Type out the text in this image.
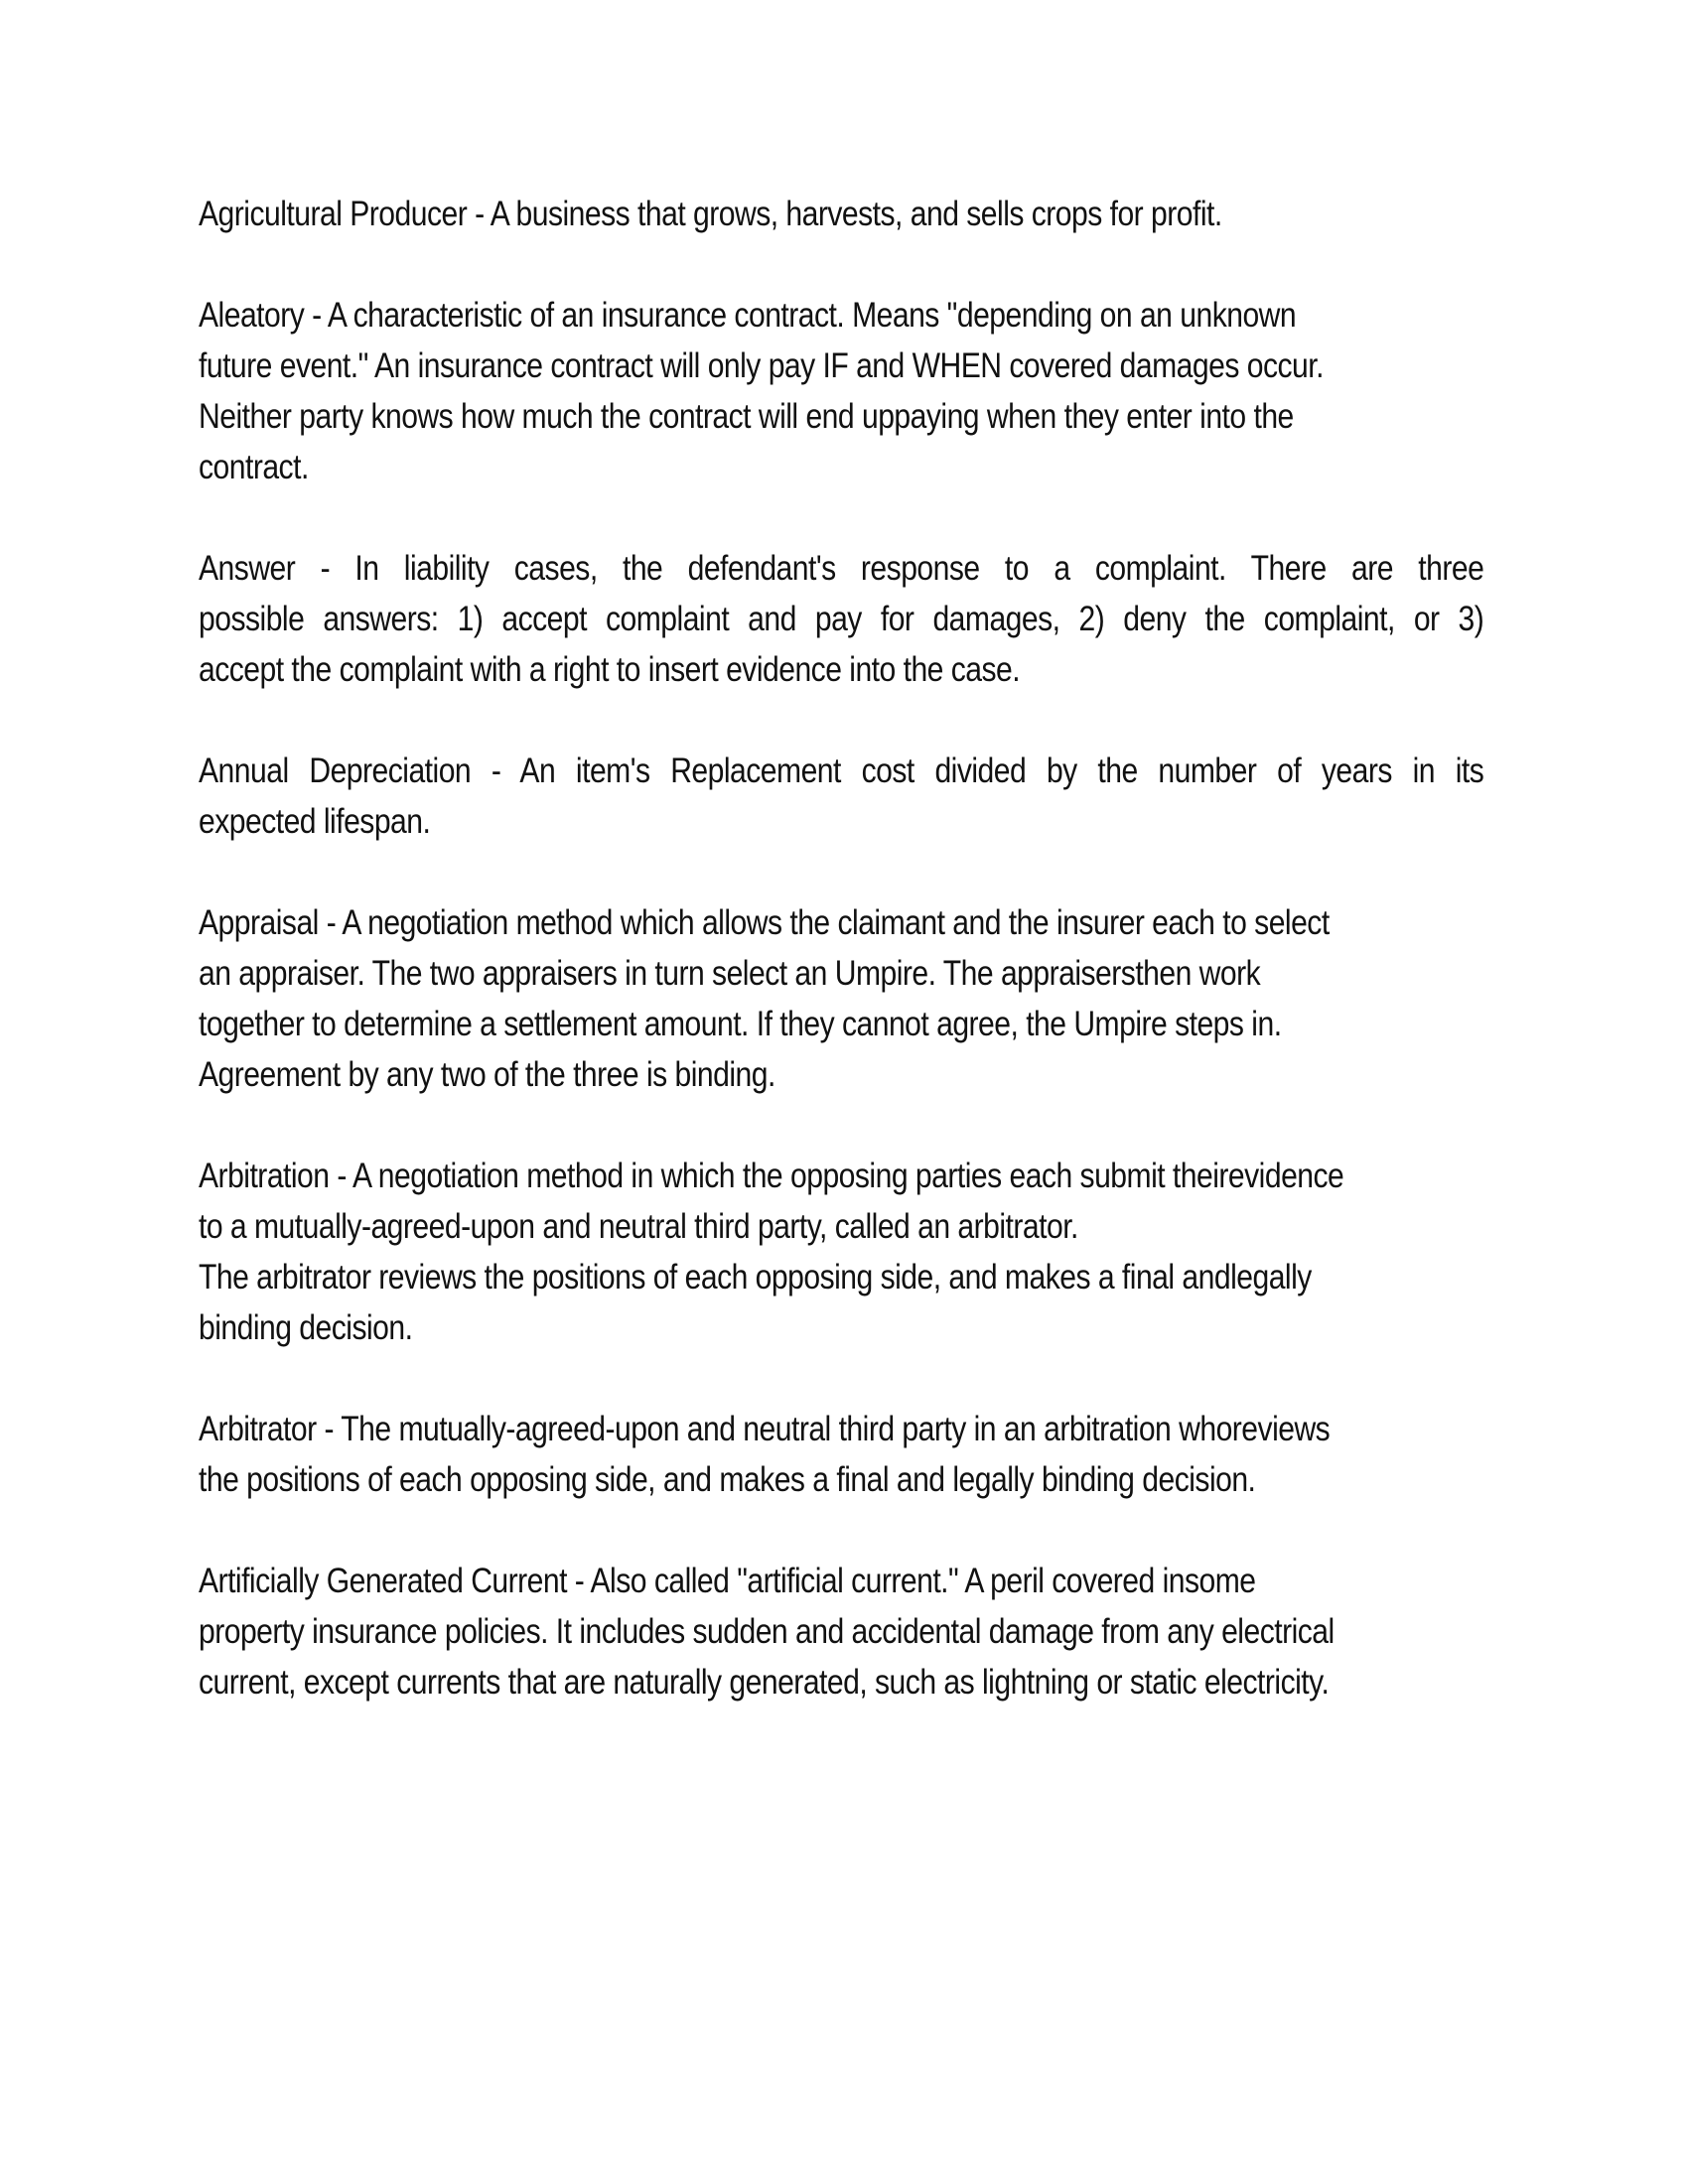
Agricultural Producer - A business that grows, harvests, and sells crops for profit.

Aleatory - A characteristic of an insurance contract. Means "depending on an unknown
future event." An insurance contract will only pay IF and WHEN covered damages occur.
Neither party knows how much the contract will end uppaying when they enter into the
contract.

Answer - In liability cases, the defendant's response to a complaint. There are three
possible answers: 1) accept complaint and pay for damages, 2) deny the complaint, or 3)
accept the complaint with a right to insert evidence into the case.

Annual Depreciation - An item's Replacement cost divided by the number of years in its
expected lifespan.

Appraisal - A negotiation method which allows the claimant and the insurer each to select
an appraiser. The two appraisers in turn select an Umpire. The appraisersthen work
together to determine a settlement amount. If they cannot agree, the Umpire steps in.
Agreement by any two of the three is binding.

Arbitration - A negotiation method in which the opposing parties each submit theirevidence
to a mutually-agreed-upon and neutral third party, called an arbitrator.
The arbitrator reviews the positions of each opposing side, and makes a final andlegally
binding decision.

Arbitrator - The mutually-agreed-upon and neutral third party in an arbitration whoreviews
the positions of each opposing side, and makes a final and legally binding decision.

Artificially Generated Current - Also called "artificial current." A peril covered insome
property insurance policies. It includes sudden and accidental damage from any electrical
current, except currents that are naturally generated, such as lightning or static electricity.
